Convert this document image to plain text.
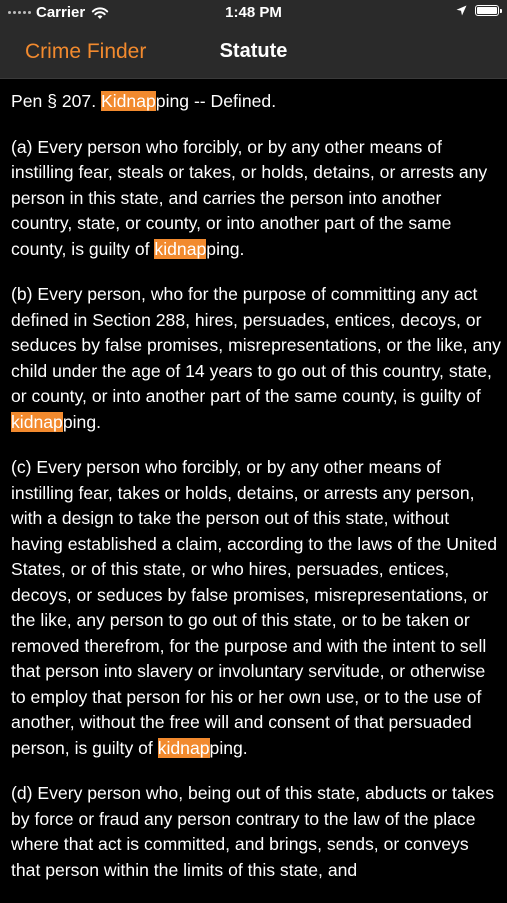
Carrier	1:48 PM
Crime Finder	Statute

Pen § 207. Kidnapping -- Defined.

(a) Every person who forcibly, or by any other means of instilling fear, steals or takes, or holds, detains, or arrests any person in this state, and carries the person into another country, state, or county, or into another part of the same county, is guilty of kidnapping.

(b) Every person, who for the purpose of committing any act defined in Section 288, hires, persuades, entices, decoys, or seduces by false promises, misrepresentations, or the like, any child under the age of 14 years to go out of this country, state, or county, or into another part of the same county, is guilty of kidnapping.

(c) Every person who forcibly, or by any other means of instilling fear, takes or holds, detains, or arrests any person, with a design to take the person out of this state, without having established a claim, according to the laws of the United States, or of this state, or who hires, persuades, entices, decoys, or seduces by false promises, misrepresentations, or the like, any person to go out of this state, or to be taken or removed therefrom, for the purpose and with the intent to sell that person into slavery or involuntary servitude, or otherwise to employ that person for his or her own use, or to the use of another, without the free will and consent of that persuaded person, is guilty of kidnapping.

(d) Every person who, being out of this state, abducts or takes by force or fraud any person contrary to the law of the place where that act is committed, and brings, sends, or conveys that person within the limits of this state, and
